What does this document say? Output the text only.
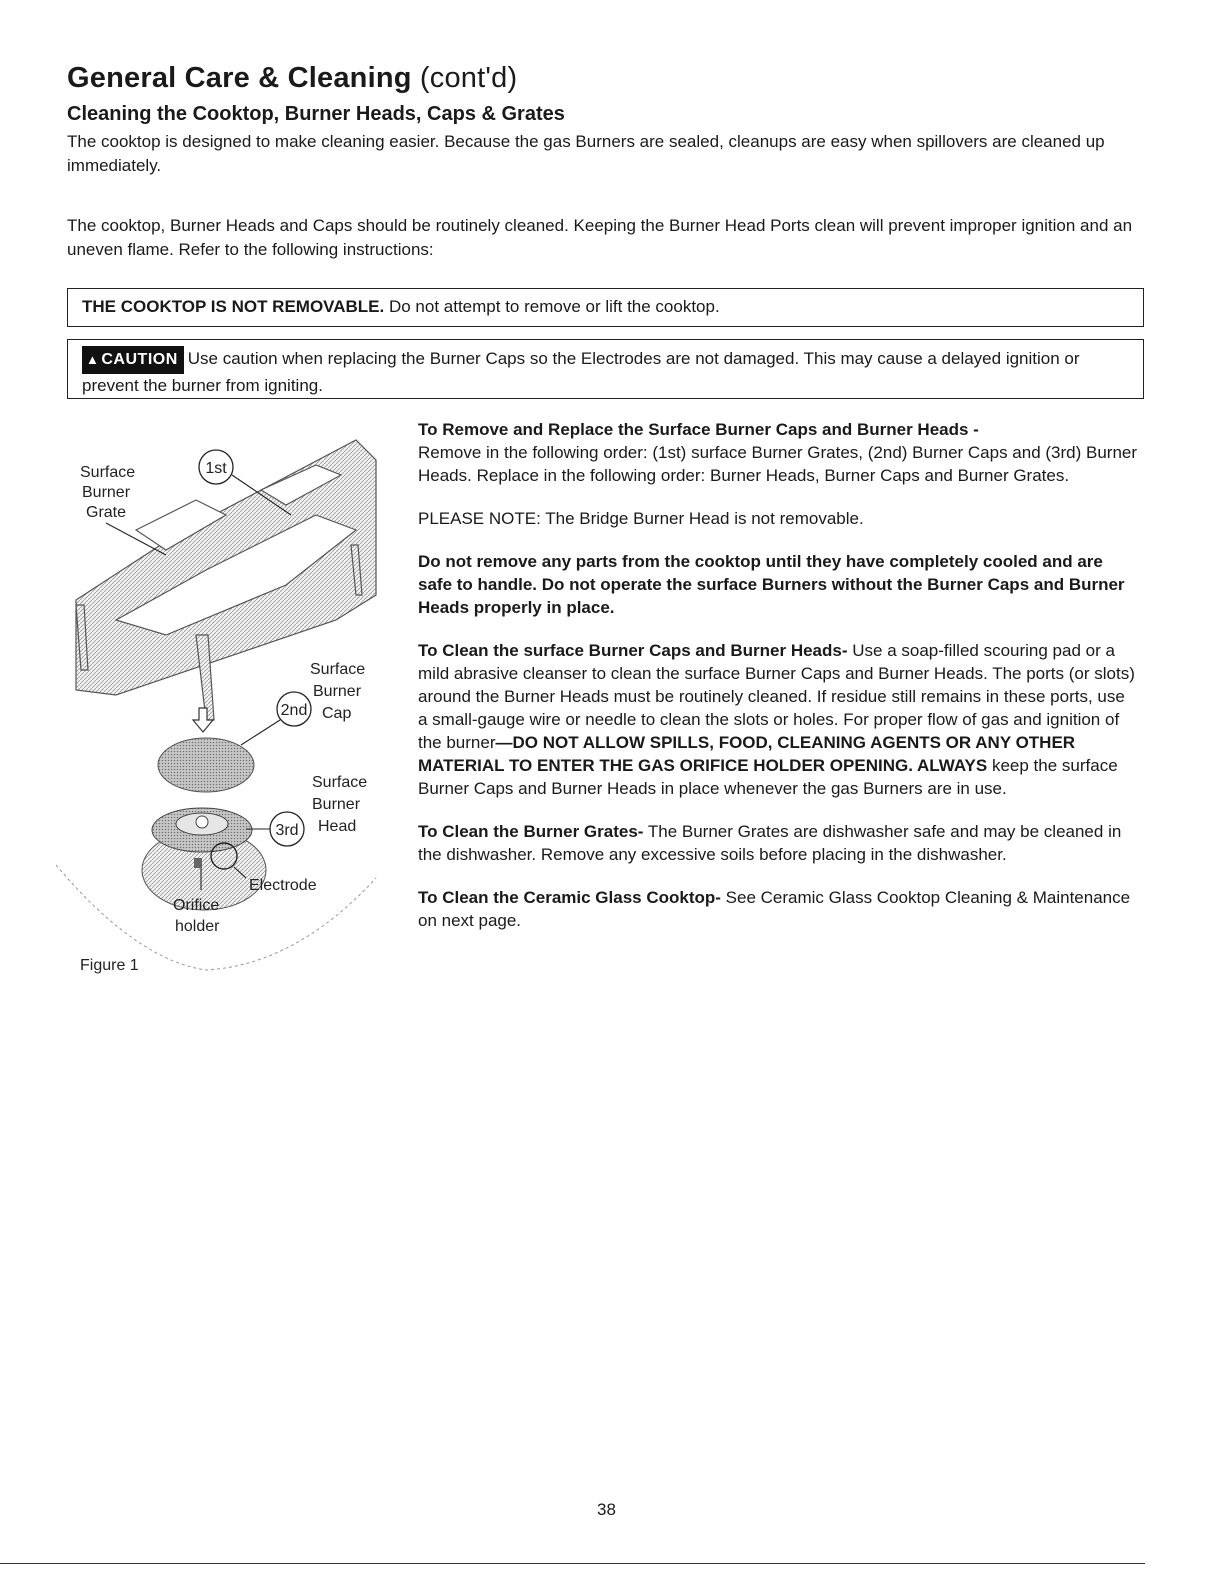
General Care & Cleaning (cont'd)
Cleaning the Cooktop, Burner Heads, Caps & Grates
The cooktop is designed to make cleaning easier. Because the gas Burners are sealed, cleanups are easy when spillovers are cleaned up immediately.
The cooktop, Burner Heads and Caps should be routinely cleaned. Keeping the Burner Head Ports clean will prevent improper ignition and an uneven flame. Refer to the following instructions:
THE COOKTOP IS NOT REMOVABLE. Do not attempt to remove or lift the cooktop.
▲ CAUTION Use caution when replacing the Burner Caps so the Electrodes are not damaged. This may cause a delayed ignition or prevent the burner from igniting.
1st
2nd
3rd
Surface
Burner
Grate
Surface
Burner
Cap
Surface
Burner
Head
Electrode
Orifice
holder
Figure 1

To Remove and Replace the Surface Burner Caps and Burner Heads -
Remove in the following order: (1st) surface Burner Grates, (2nd) Burner Caps and (3rd) Burner Heads. Replace in the following order: Burner Heads, Burner Caps and Burner Grates.

PLEASE NOTE: The Bridge Burner Head is not removable.

Do not remove any parts from the cooktop until they have completely cooled and are safe to handle. Do not operate the surface Burners without the Burner Caps and Burner Heads properly in place.

To Clean the surface Burner Caps and Burner Heads- Use a soap-filled scouring pad or a mild abrasive cleanser to clean the surface Burner Caps and Burner Heads. The ports (or slots) around the Burner Heads must be routinely cleaned. If residue still remains in these ports, use a small-gauge wire or needle to clean the slots or holes. For proper flow of gas and ignition of the burner—DO NOT ALLOW SPILLS, FOOD, CLEANING AGENTS OR ANY OTHER MATERIAL TO ENTER THE GAS ORIFICE HOLDER OPENING. ALWAYS keep the surface Burner Caps and Burner Heads in place whenever the gas Burners are in use.

To Clean the Burner Grates- The Burner Grates are dishwasher safe and may be cleaned in the dishwasher. Remove any excessive soils before placing in the dishwasher.

To Clean the Ceramic Glass Cooktop- See Ceramic Glass Cooktop Cleaning & Maintenance on next page.

38
